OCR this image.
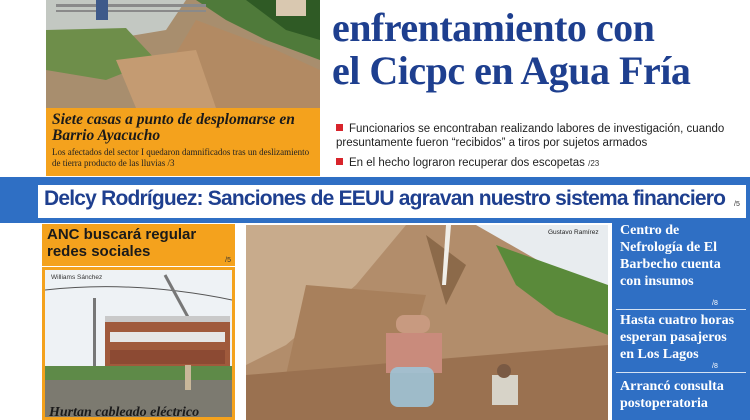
Siete casas a punto de desplomarse en Barrio Ayacucho
Los afectados del sector I quedaron damnificados tras un deslizamiento de tierra producto de las lluvias /3
enfrentamiento con
el Cicpc en Agua Fría
Funcionarios se encontraban realizando labores de investigación, cuando presuntamente fueron “recibidos” a tiros por sujetos armados
En el hecho lograron recuperar dos escopetas /23
Delcy Rodríguez: Sanciones de EEUU agravan nuestro sistema financiero /5
ANC buscará regular redes sociales
/5
Williams Sánchez
Hurtan cableado eléctrico
Gustavo Ramírez Centro de Nefrología de El Barbecho cuenta con insumos
/8
Hasta cuatro horas esperan pasajeros en Los Lagos
/8
Arrancó consulta postoperatoria
